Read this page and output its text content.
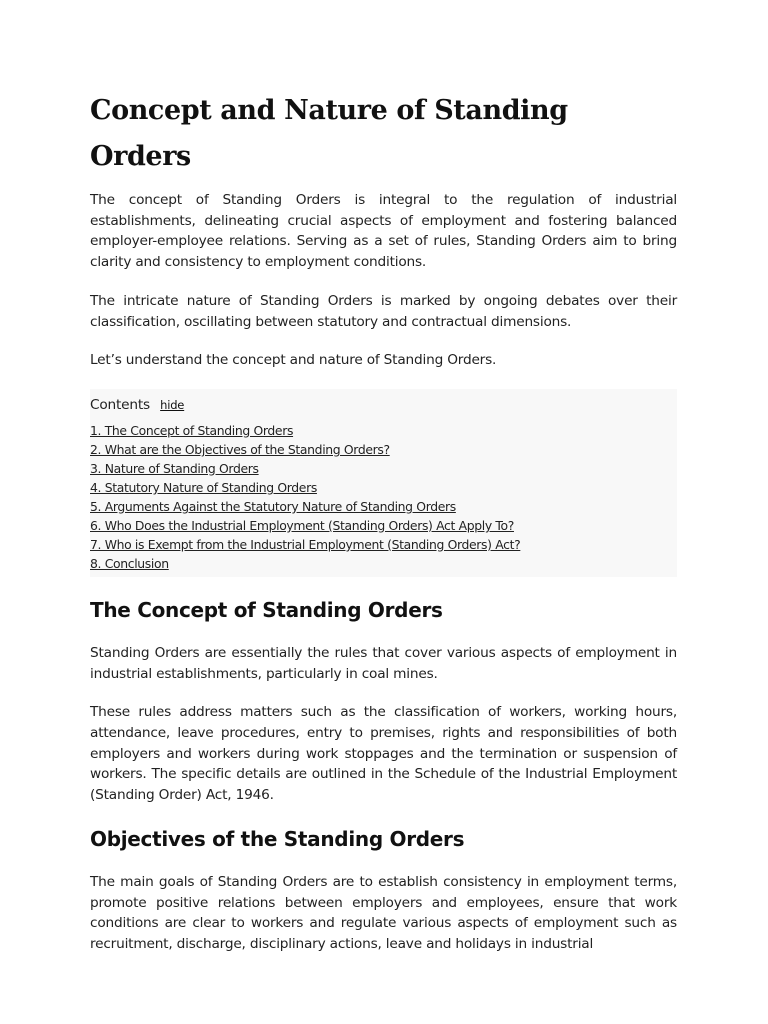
Concept and Nature of Standing Orders

The concept of Standing Orders is integral to the regulation of industrial establishments, delineating crucial aspects of employment and fostering balanced employer-employee relations. Serving as a set of rules, Standing Orders aim to bring clarity and consistency to employment conditions.

The intricate nature of Standing Orders is marked by ongoing debates over their classification, oscillating between statutory and contractual dimensions.

Let’s understand the concept and nature of Standing Orders.

Contents hide
1. The Concept of Standing Orders
2. What are the Objectives of the Standing Orders?
3. Nature of Standing Orders
4. Statutory Nature of Standing Orders
5. Arguments Against the Statutory Nature of Standing Orders
6. Who Does the Industrial Employment (Standing Orders) Act Apply To?
7. Who is Exempt from the Industrial Employment (Standing Orders) Act?
8. Conclusion
The Concept of Standing Orders

Standing Orders are essentially the rules that cover various aspects of employment in industrial establishments, particularly in coal mines.

These rules address matters such as the classification of workers, working hours, attendance, leave procedures, entry to premises, rights and responsibilities of both employers and workers during work stoppages and the termination or suspension of workers. The specific details are outlined in the Schedule of the Industrial Employment (Standing Order) Act, 1946.

Objectives of the Standing Orders

The main goals of Standing Orders are to establish consistency in employment terms, promote positive relations between employers and employees, ensure that work conditions are clear to workers and regulate various aspects of employment such as recruitment, discharge, disciplinary actions, leave and holidays in industrial
